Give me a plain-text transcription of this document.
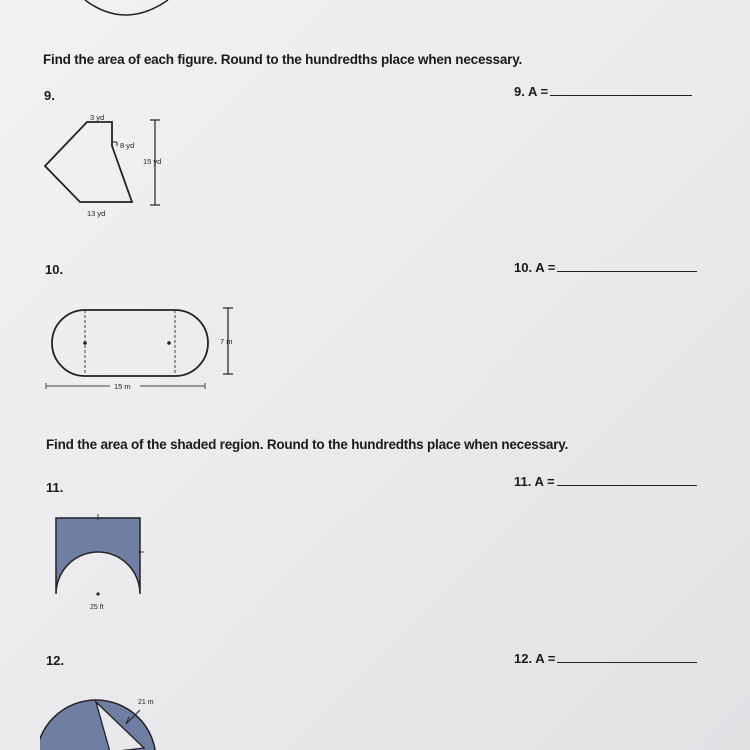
Find the area of each figure. Round to the hundredths place when necessary.
9.	9. A =
3 yd
8 yd
15 yd
13 yd
10.	10. A =
7 m
15 m
Find the area of the shaded region. Round to the hundredths place when necessary.
11.	11. A =
25 ft
12.	12. A =
21 m
